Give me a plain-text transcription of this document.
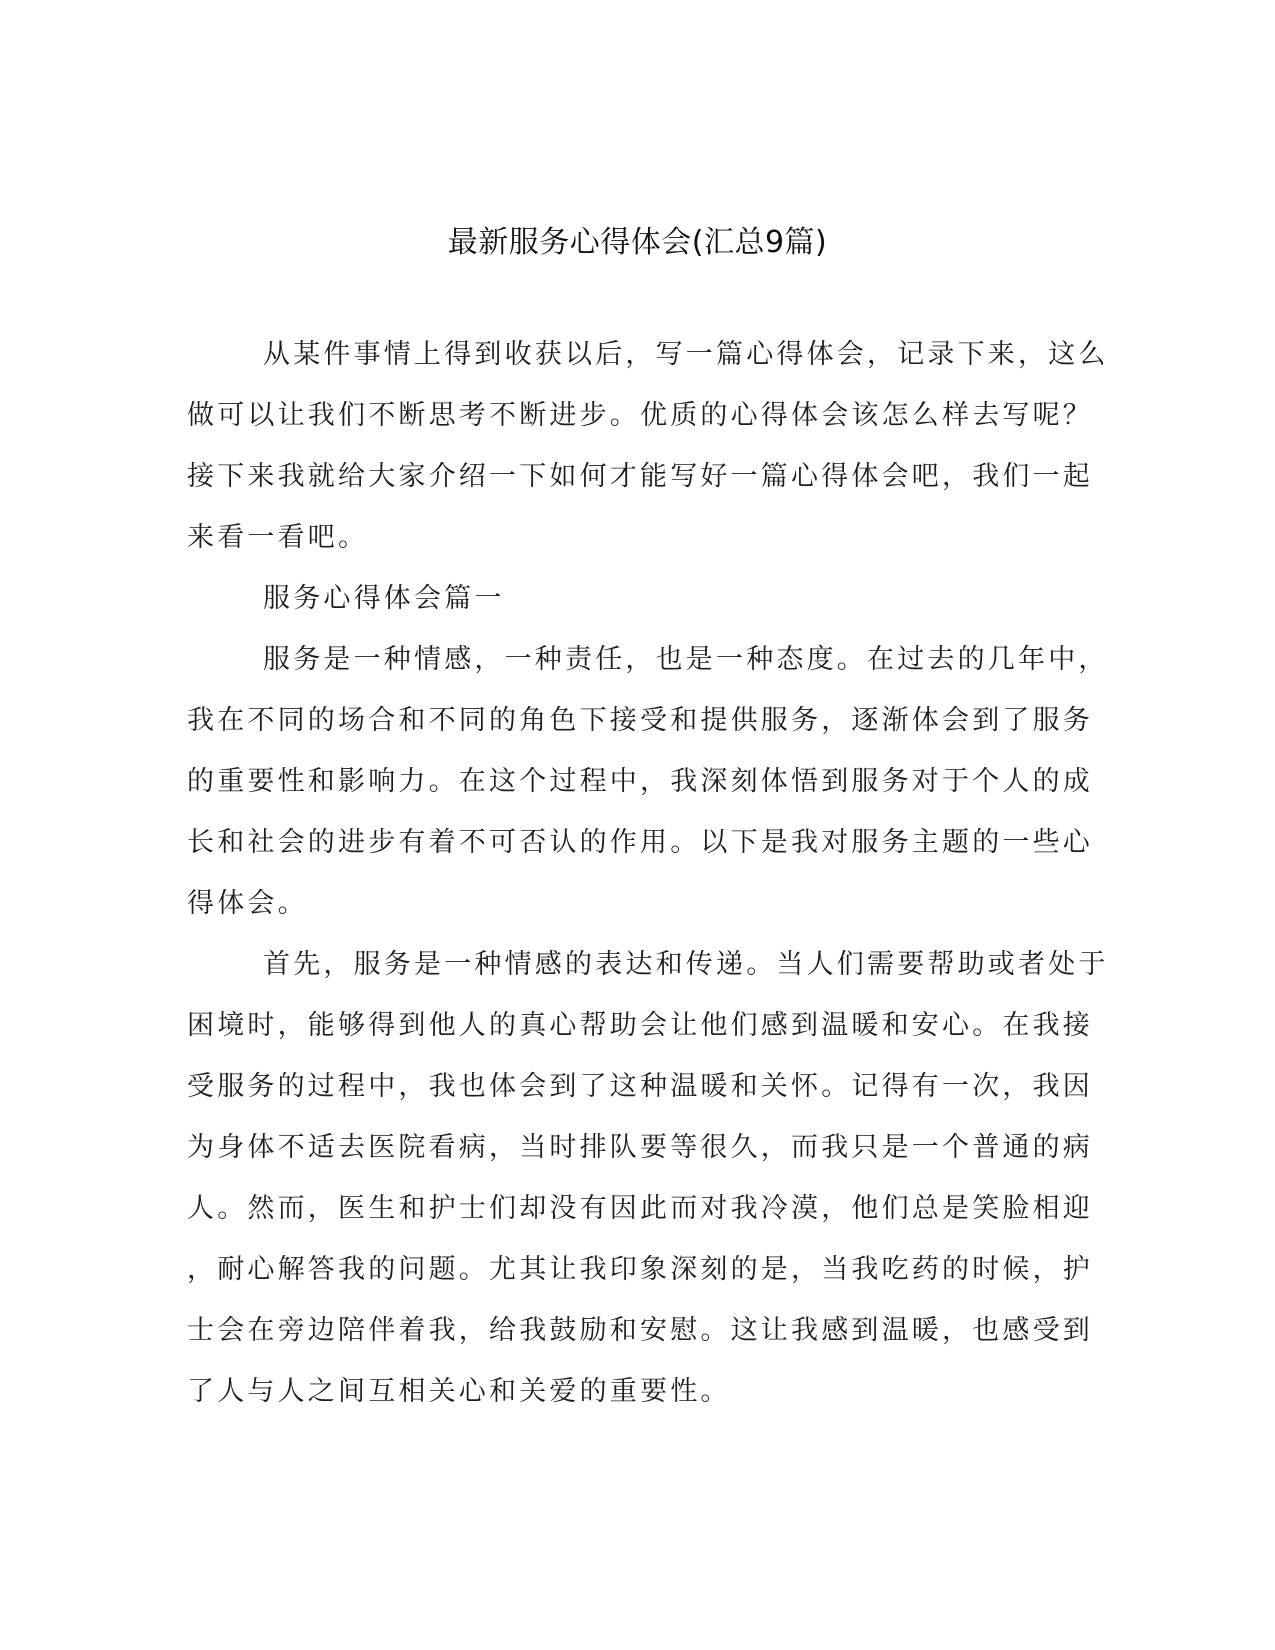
最新服务心得体会(汇总9篇)
从某件事情上得到收获以后，写一篇心得体会，记录下来，这么
做可以让我们不断思考不断进步。优质的心得体会该怎么样去写呢？
接下来我就给大家介绍一下如何才能写好一篇心得体会吧，我们一起
来看一看吧。
服务心得体会篇一
服务是一种情感，一种责任，也是一种态度。在过去的几年中，
我在不同的场合和不同的角色下接受和提供服务，逐渐体会到了服务
的重要性和影响力。在这个过程中，我深刻体悟到服务对于个人的成
长和社会的进步有着不可否认的作用。以下是我对服务主题的一些心
得体会。
首先，服务是一种情感的表达和传递。当人们需要帮助或者处于
困境时，能够得到他人的真心帮助会让他们感到温暖和安心。在我接
受服务的过程中，我也体会到了这种温暖和关怀。记得有一次，我因
为身体不适去医院看病，当时排队要等很久，而我只是一个普通的病
人。然而，医生和护士们却没有因此而对我冷漠，他们总是笑脸相迎
，耐心解答我的问题。尤其让我印象深刻的是，当我吃药的时候，护
士会在旁边陪伴着我，给我鼓励和安慰。这让我感到温暖，也感受到
了人与人之间互相关心和关爱的重要性。
